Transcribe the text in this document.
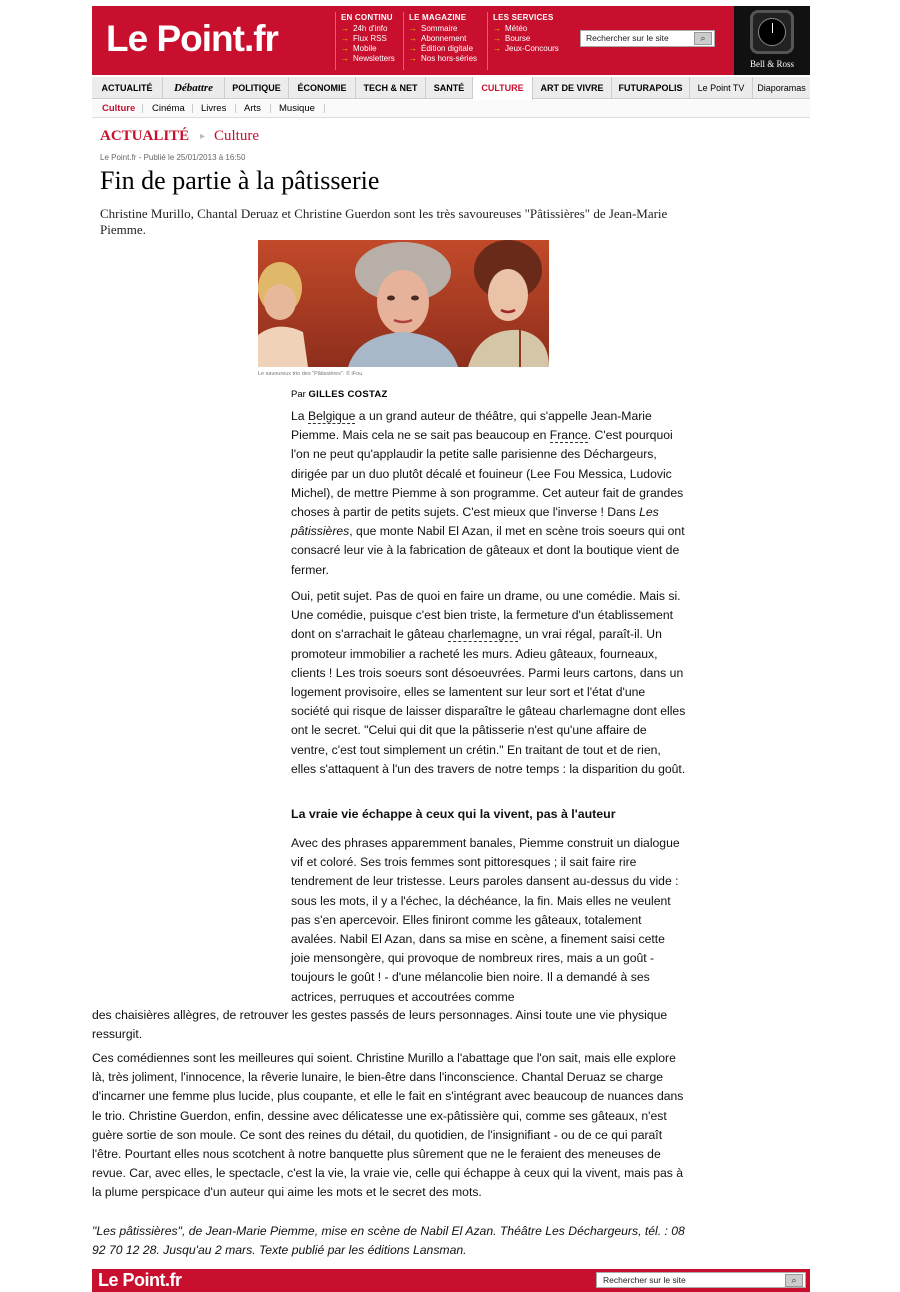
Le Point.fr
EN CONTINU
→ 24h d'info
→ Flux RSS
→ Mobile
→ Newsletters
LE MAGAZINE
→ Sommaire
→ Abonnement
→ Édition digitale
→ Nos hors-séries
LES SERVICES
→ Météo
→ Bourse
→ Jeux-Concours
Rechercher sur le site	⌕
Bell & Ross
ACTUALITÉ	Débattre	POLITIQUE	ÉCONOMIE	TECH & NET	SANTÉ	CULTURE	ART DE VIVRE	FUTURAPOLIS	Le Point TV	Diaporamas
Culture Cinéma Livres Arts Musique
ACTUALITÉ ▸ Culture
Le Point.fr - Publié le 25/01/2013 à 16:50
Fin de partie à la pâtisserie
Christine Murillo, Chantal Deruaz et Christine Guerdon sont les très savoureuses "Pâtissières" de Jean-Marie Piemme.
Le savoureux trio des "Pâtissières". © iFou
Par GILLES COSTAZ
La Belgique a un grand auteur de théâtre, qui s'appelle Jean-Marie Piemme. Mais cela ne se sait pas beaucoup en France. C'est pourquoi l'on ne peut qu'applaudir la petite salle parisienne des Déchargeurs, dirigée par un duo plutôt décalé et fouineur (Lee Fou Messica, Ludovic Michel), de mettre Piemme à son programme. Cet auteur fait de grandes choses à partir de petits sujets. C'est mieux que l'inverse ! Dans Les pâtissières, que monte Nabil El Azan, il met en scène trois soeurs qui ont consacré leur vie à la fabrication de gâteaux et dont la boutique vient de fermer.
Oui, petit sujet. Pas de quoi en faire un drame, ou une comédie. Mais si. Une comédie, puisque c'est bien triste, la fermeture d'un établissement dont on s'arrachait le gâteau charlemagne, un vrai régal, paraît-il. Un promoteur immobilier a racheté les murs. Adieu gâteaux, fourneaux, clients ! Les trois soeurs sont désoeuvrées. Parmi leurs cartons, dans un logement provisoire, elles se lamentent sur leur sort et l'état d'une société qui risque de laisser disparaître le gâteau charlemagne dont elles ont le secret. "Celui qui dit que la pâtisserie n'est qu'une affaire de ventre, c'est tout simplement un crétin." En traitant de tout et de rien, elles s'attaquent à l'un des travers de notre temps : la disparition du goût.
La vraie vie échappe à ceux qui la vivent, pas à l'auteur
Avec des phrases apparemment banales, Piemme construit un dialogue vif et coloré. Ses trois femmes sont pittoresques ; il sait faire rire tendrement de leur tristesse. Leurs paroles dansent au-dessus du vide : sous les mots, il y a l'échec, la déchéance, la fin. Mais elles ne veulent pas s'en apercevoir. Elles finiront comme les gâteaux, totalement avalées. Nabil El Azan, dans sa mise en scène, a finement saisi cette joie mensongère, qui provoque de nombreux rires, mais a un goût - toujours le goût ! - d'une mélancolie bien noire. Il a demandé à ses actrices, perruques et accoutrées comme
des chaisières allègres, de retrouver les gestes passés de leurs personnages. Ainsi toute une vie physique ressurgit.
Ces comédiennes sont les meilleures qui soient. Christine Murillo a l'abattage que l'on sait, mais elle explore là, très joliment, l'innocence, la rêverie lunaire, le bien-être dans l'inconscience. Chantal Deruaz se charge d'incarner une femme plus lucide, plus coupante, et elle le fait en s'intégrant avec beaucoup de nuances dans le trio. Christine Guerdon, enfin, dessine avec délicatesse une ex-pâtissière qui, comme ses gâteaux, n'est guère sortie de son moule. Ce sont des reines du détail, du quotidien, de l'insignifiant - ou de ce qui paraît l'être. Pourtant elles nous scotchent à notre banquette plus sûrement que ne le feraient des meneuses de revue. Car, avec elles, le spectacle, c'est la vie, la vraie vie, celle qui échappe à ceux qui la vivent, mais pas à la plume perspicace d'un auteur qui aime les mots et le secret des mots.
"Les pâtissières", de Jean-Marie Piemme, mise en scène de Nabil El Azan. Théâtre Les Déchargeurs, tél. : 08 92 70 12 28. Jusqu'au 2 mars. Texte publié par les éditions Lansman.
Le Point.fr	Rechercher sur le site	⌕
